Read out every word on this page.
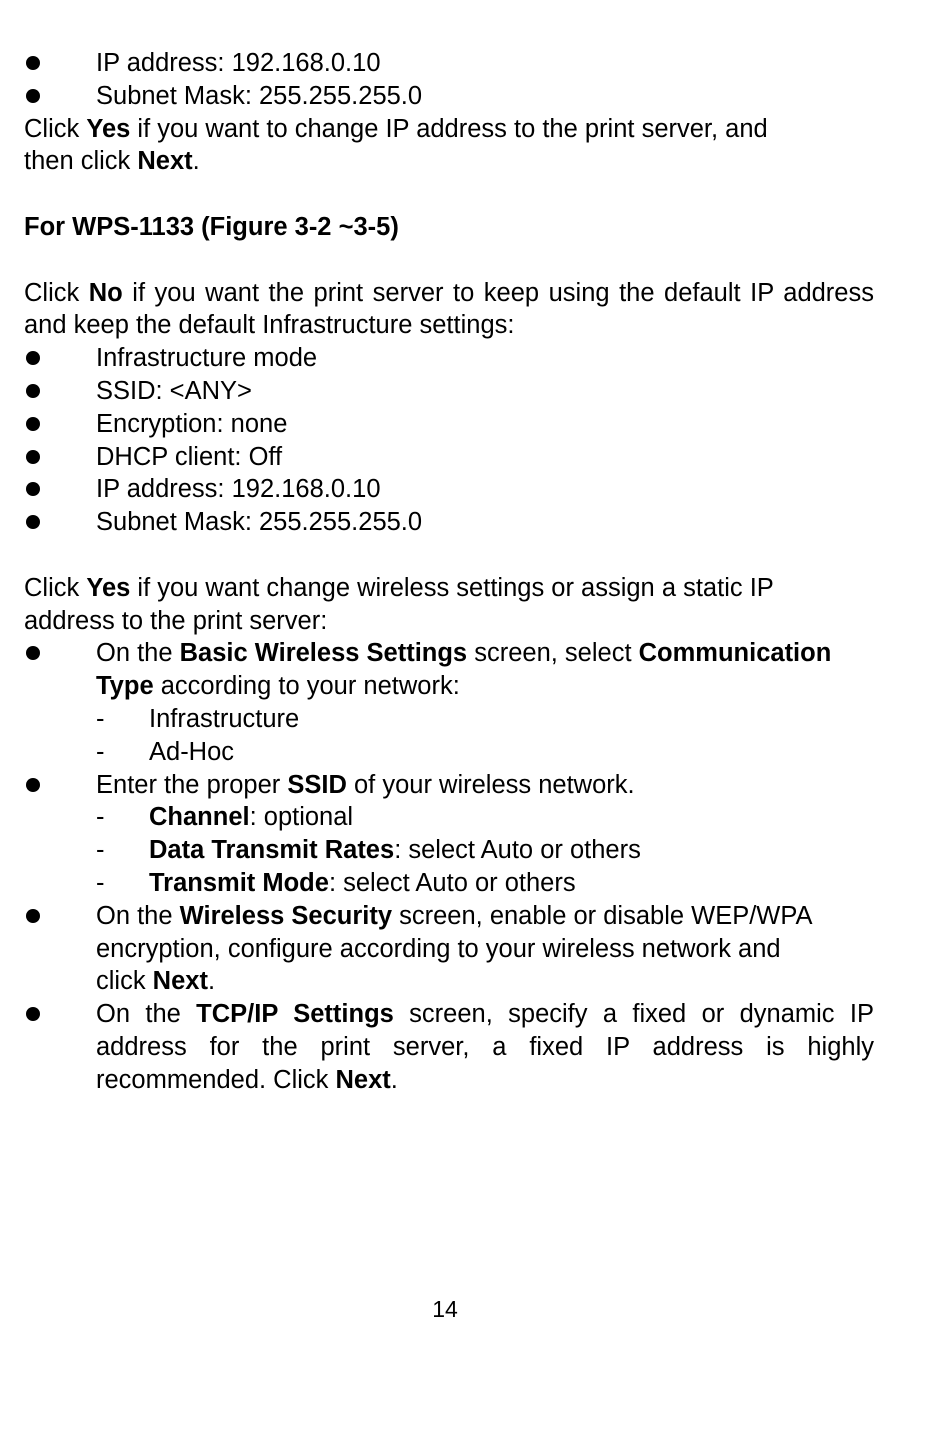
IP address: 192.168.0.10
Subnet Mask: 255.255.255.0

Click Yes if you want to change IP address to the print server, and

then click Next.

For WPS-1133 (Figure 3-2 ~3-5)

Click No if you want the print server to keep using the default IP address and keep the default Infrastructure settings:

Infrastructure mode
SSID: <ANY>
Encryption: none
DHCP client: Off
IP address: 192.168.0.10
Subnet Mask: 255.255.255.0

Click Yes if you want change wireless settings or assign a static IP

address to the print server:

On the Basic Wireless Settings screen, select Communication Type according to your network:
- Infrastructure
- Ad-Hoc
Enter the proper SSID of your wireless network.
- Channel: optional
- Data Transmit Rates: select Auto or others
- Transmit Mode: select Auto or others
On the Wireless Security screen, enable or disable WEP/WPA encryption, configure according to your wireless network and click Next.
On the TCP/IP Settings screen, specify a fixed or dynamic IP address for the print server, a fixed IP address is highly recommended. Click Next.
14
